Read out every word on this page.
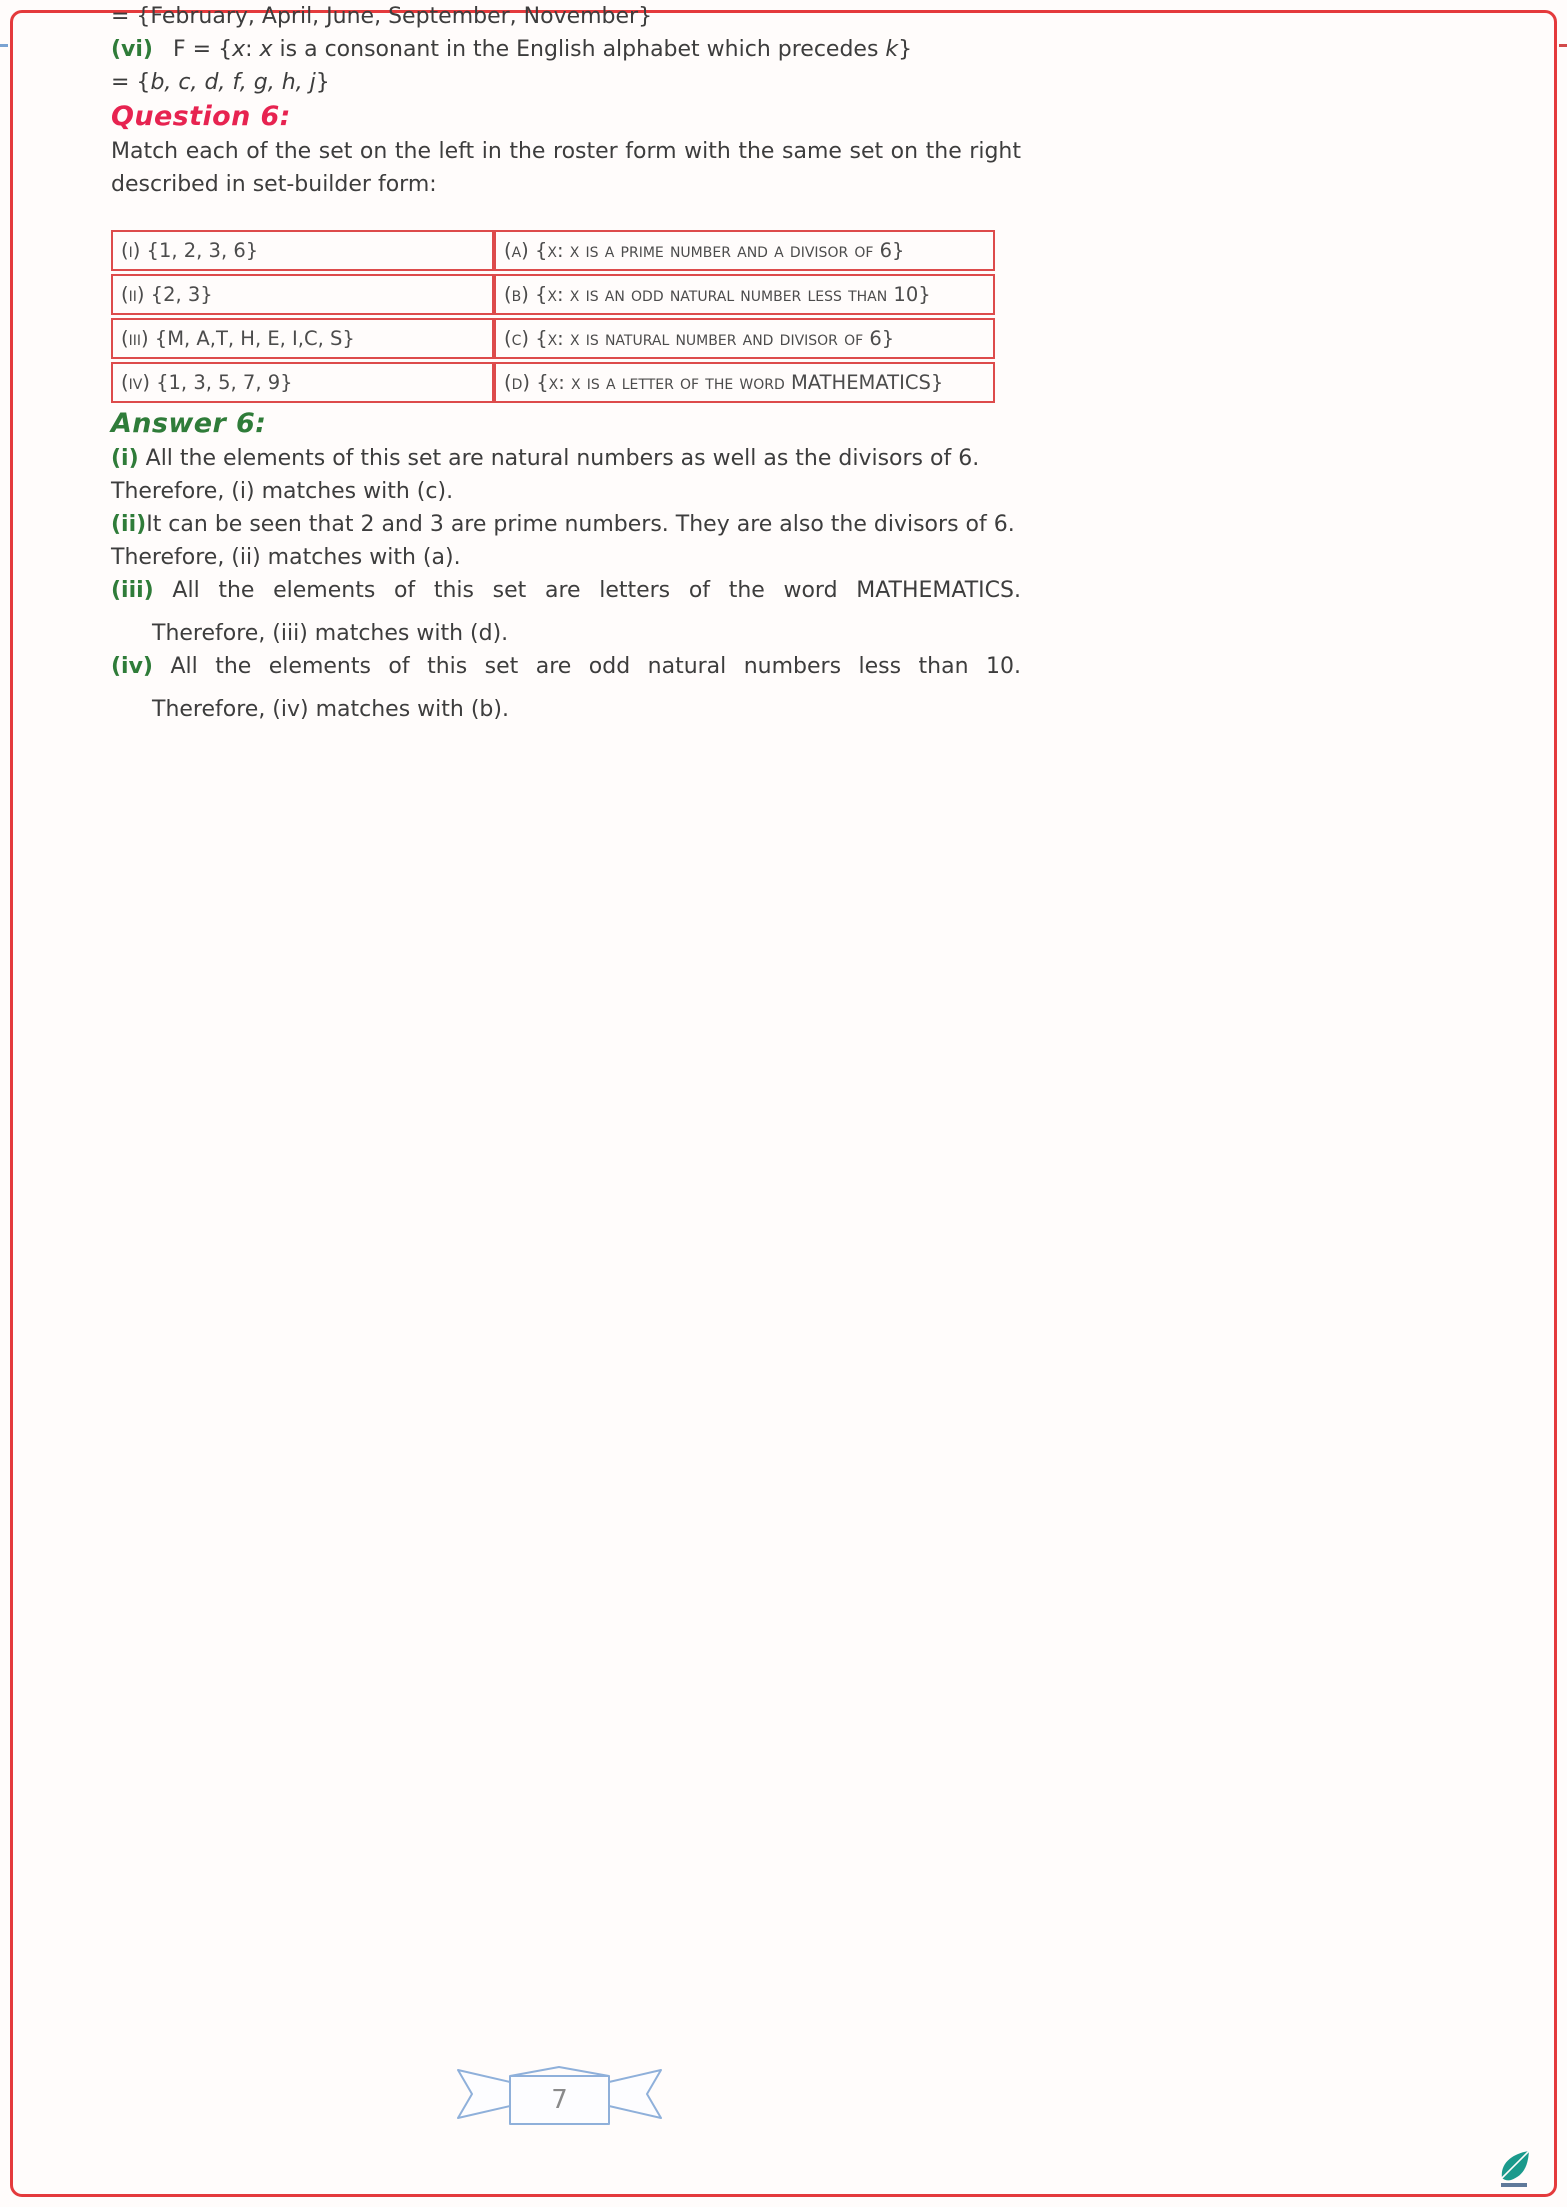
= {February, April, June, September, November}

(vi) F = {x: x is a consonant in the English alphabet which precedes k}

= {b, c, d, f, g, h, j}

Question 6:

Match each of the set on the left in the roster form with the same set on the right described in set-builder form:

(i) {1, 2, 3, 6}	(a) {x: x is a prime number and a divisor of 6}
(ii) {2, 3}	(b) {x: x is an odd natural number less than 10}
(iii) {M, A,T, H, E, I,C, S}	(c) {x: x is natural number and divisor of 6}
(iv) {1, 3, 5, 7, 9}	(d) {x: x is a letter of the word MATHEMATICS}

Answer 6:

(i) All the elements of this set are natural numbers as well as the divisors of 6.

Therefore, (i) matches with (c).

(ii)It can be seen that 2 and 3 are prime numbers. They are also the divisors of 6.

Therefore, (ii) matches with (a).

(iii) All the elements of this set are letters of the word MATHEMATICS.

Therefore, (iii) matches with (d).

(iv) All the elements of this set are odd natural numbers less than 10.

Therefore, (iv) matches with (b).

7
